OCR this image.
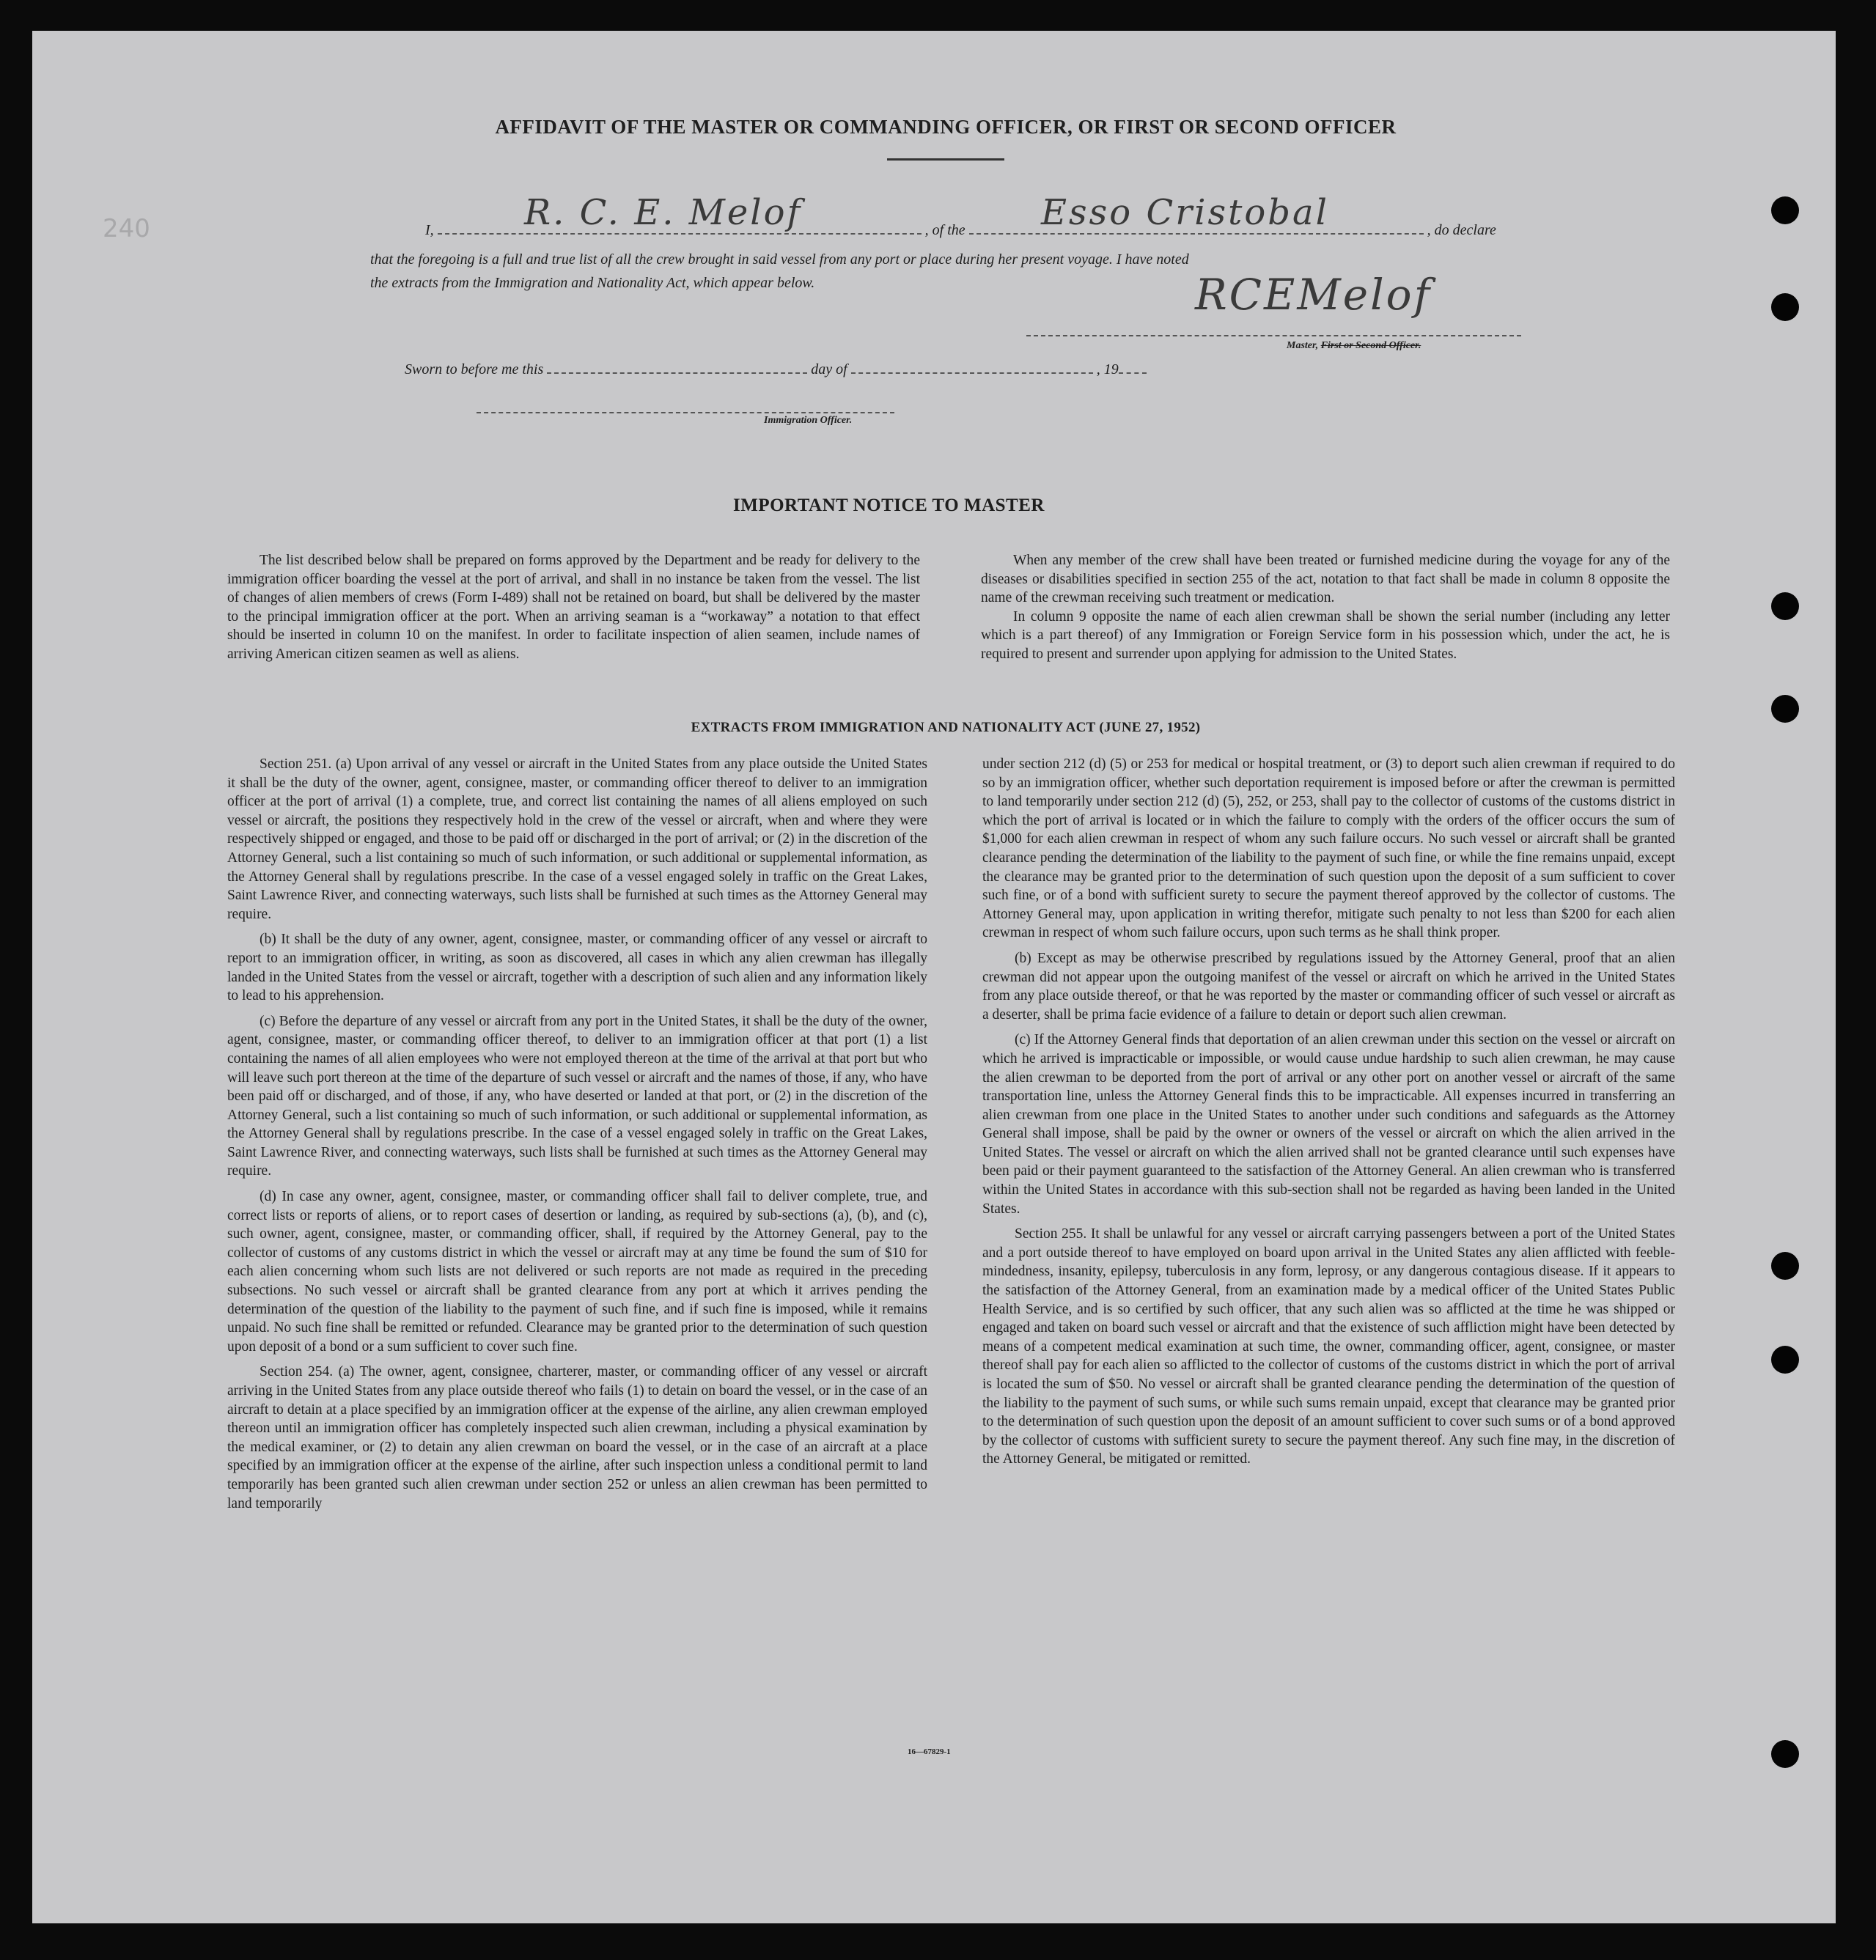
240
AFFIDAVIT OF THE MASTER OR COMMANDING OFFICER, OR FIRST OR SECOND OFFICER
I,	, of the	, do declare
R. C. E. Melof	Esso Cristobal
that the foregoing is a full and true list of all the crew brought in said vessel from any port or place during her present voyage. I have noted
the extracts from the Immigration and Nationality Act, which appear below.	RCEMelof
Master, First or Second Officer.
Sworn to before me this	day of	, 19
Immigration Officer.
IMPORTANT NOTICE TO MASTER

The list described below shall be prepared on forms approved by the Department and be ready for delivery to the immigration officer boarding the vessel at the port of arrival, and shall in no instance be taken from the vessel. The list of changes of alien members of crews (Form I-489) shall not be retained on board, but shall be delivered by the master to the principal immigration officer at the port. When an arriving seaman is a “workaway” a notation to that effect should be inserted in column 10 on the manifest. In order to facilitate inspection of alien seamen, include names of arriving American citizen seamen as well as aliens.

When any member of the crew shall have been treated or furnished medicine during the voyage for any of the diseases or disabilities specified in section 255 of the act, notation to that fact shall be made in column 8 opposite the name of the crewman receiving such treatment or medication.

In column 9 opposite the name of each alien crewman shall be shown the serial number (including any letter which is a part thereof) of any Immigration or Foreign Service form in his possession which, under the act, he is required to present and surrender upon applying for admission to the United States.

EXTRACTS FROM IMMIGRATION AND NATIONALITY ACT (JUNE 27, 1952)

Section 251. (a) Upon arrival of any vessel or aircraft in the United States from any place outside the United States it shall be the duty of the owner, agent, consignee, master, or commanding officer thereof to deliver to an immigration officer at the port of arrival (1) a complete, true, and correct list containing the names of all aliens employed on such vessel or aircraft, the positions they respectively hold in the crew of the vessel or aircraft, when and where they were respectively shipped or engaged, and those to be paid off or discharged in the port of arrival; or (2) in the discretion of the Attorney General, such a list containing so much of such information, or such additional or supplemental information, as the Attorney General shall by regulations prescribe. In the case of a vessel engaged solely in traffic on the Great Lakes, Saint Lawrence River, and connecting waterways, such lists shall be furnished at such times as the Attorney General may require.

(b) It shall be the duty of any owner, agent, consignee, master, or commanding officer of any vessel or aircraft to report to an immigration officer, in writing, as soon as discovered, all cases in which any alien crewman has illegally landed in the United States from the vessel or aircraft, together with a description of such alien and any information likely to lead to his apprehension.

(c) Before the departure of any vessel or aircraft from any port in the United States, it shall be the duty of the owner, agent, consignee, master, or commanding officer thereof, to deliver to an immigration officer at that port (1) a list containing the names of all alien employees who were not employed thereon at the time of the arrival at that port but who will leave such port thereon at the time of the departure of such vessel or aircraft and the names of those, if any, who have been paid off or discharged, and of those, if any, who have deserted or landed at that port, or (2) in the discretion of the Attorney General, such a list containing so much of such information, or such additional or supplemental information, as the Attorney General shall by regulations prescribe. In the case of a vessel engaged solely in traffic on the Great Lakes, Saint Lawrence River, and connecting waterways, such lists shall be furnished at such times as the Attorney General may require.

(d) In case any owner, agent, consignee, master, or commanding officer shall fail to deliver complete, true, and correct lists or reports of aliens, or to report cases of desertion or landing, as required by sub-sections (a), (b), and (c), such owner, agent, consignee, master, or commanding officer, shall, if required by the Attorney General, pay to the collector of customs of any customs district in which the vessel or aircraft may at any time be found the sum of $10 for each alien concerning whom such lists are not delivered or such reports are not made as required in the preceding subsections. No such vessel or aircraft shall be granted clearance from any port at which it arrives pending the determination of the question of the liability to the payment of such fine, and if such fine is imposed, while it remains unpaid. No such fine shall be remitted or refunded. Clearance may be granted prior to the determination of such question upon deposit of a bond or a sum sufficient to cover such fine.

Section 254. (a) The owner, agent, consignee, charterer, master, or commanding officer of any vessel or aircraft arriving in the United States from any place outside thereof who fails (1) to detain on board the vessel, or in the case of an aircraft to detain at a place specified by an immigration officer at the expense of the airline, any alien crewman employed thereon until an immigration officer has completely inspected such alien crewman, including a physical examination by the medical examiner, or (2) to detain any alien crewman on board the vessel, or in the case of an aircraft at a place specified by an immigration officer at the expense of the airline, after such inspection unless a conditional permit to land temporarily has been granted such alien crewman under section 252 or unless an alien crewman has been permitted to land temporarily

under section 212 (d) (5) or 253 for medical or hospital treatment, or (3) to deport such alien crewman if required to do so by an immigration officer, whether such deportation requirement is imposed before or after the crewman is permitted to land temporarily under section 212 (d) (5), 252, or 253, shall pay to the collector of customs of the customs district in which the port of arrival is located or in which the failure to comply with the orders of the officer occurs the sum of $1,000 for each alien crewman in respect of whom any such failure occurs. No such vessel or aircraft shall be granted clearance pending the determination of the liability to the payment of such fine, or while the fine remains unpaid, except the clearance may be granted prior to the determination of such question upon the deposit of a sum sufficient to cover such fine, or of a bond with sufficient surety to secure the payment thereof approved by the collector of customs. The Attorney General may, upon application in writing therefor, mitigate such penalty to not less than $200 for each alien crewman in respect of whom such failure occurs, upon such terms as he shall think proper.

(b) Except as may be otherwise prescribed by regulations issued by the Attorney General, proof that an alien crewman did not appear upon the outgoing manifest of the vessel or aircraft on which he arrived in the United States from any place outside thereof, or that he was reported by the master or commanding officer of such vessel or aircraft as a deserter, shall be prima facie evidence of a failure to detain or deport such alien crewman.

(c) If the Attorney General finds that deportation of an alien crewman under this section on the vessel or aircraft on which he arrived is impracticable or impossible, or would cause undue hardship to such alien crewman, he may cause the alien crewman to be deported from the port of arrival or any other port on another vessel or aircraft of the same transportation line, unless the Attorney General finds this to be impracticable. All expenses incurred in transferring an alien crewman from one place in the United States to another under such conditions and safeguards as the Attorney General shall impose, shall be paid by the owner or owners of the vessel or aircraft on which the alien arrived in the United States. The vessel or aircraft on which the alien arrived shall not be granted clearance until such expenses have been paid or their payment guaranteed to the satisfaction of the Attorney General. An alien crewman who is transferred within the United States in accordance with this sub-section shall not be regarded as having been landed in the United States.

Section 255. It shall be unlawful for any vessel or aircraft carrying passengers between a port of the United States and a port outside thereof to have employed on board upon arrival in the United States any alien afflicted with feeble-mindedness, insanity, epilepsy, tuberculosis in any form, leprosy, or any dangerous contagious disease. If it appears to the satisfaction of the Attorney General, from an examination made by a medical officer of the United States Public Health Service, and is so certified by such officer, that any such alien was so afflicted at the time he was shipped or engaged and taken on board such vessel or aircraft and that the existence of such affliction might have been detected by means of a competent medical examination at such time, the owner, commanding officer, agent, consignee, or master thereof shall pay for each alien so afflicted to the collector of customs of the customs district in which the port of arrival is located the sum of $50. No vessel or aircraft shall be granted clearance pending the determination of the question of the liability to the payment of such sums, or while such sums remain unpaid, except that clearance may be granted prior to the determination of such question upon the deposit of an amount sufficient to cover such sums or of a bond approved by the collector of customs with sufficient surety to secure the payment thereof. Any such fine may, in the discretion of the Attorney General, be mitigated or remitted.

16—67829-1
